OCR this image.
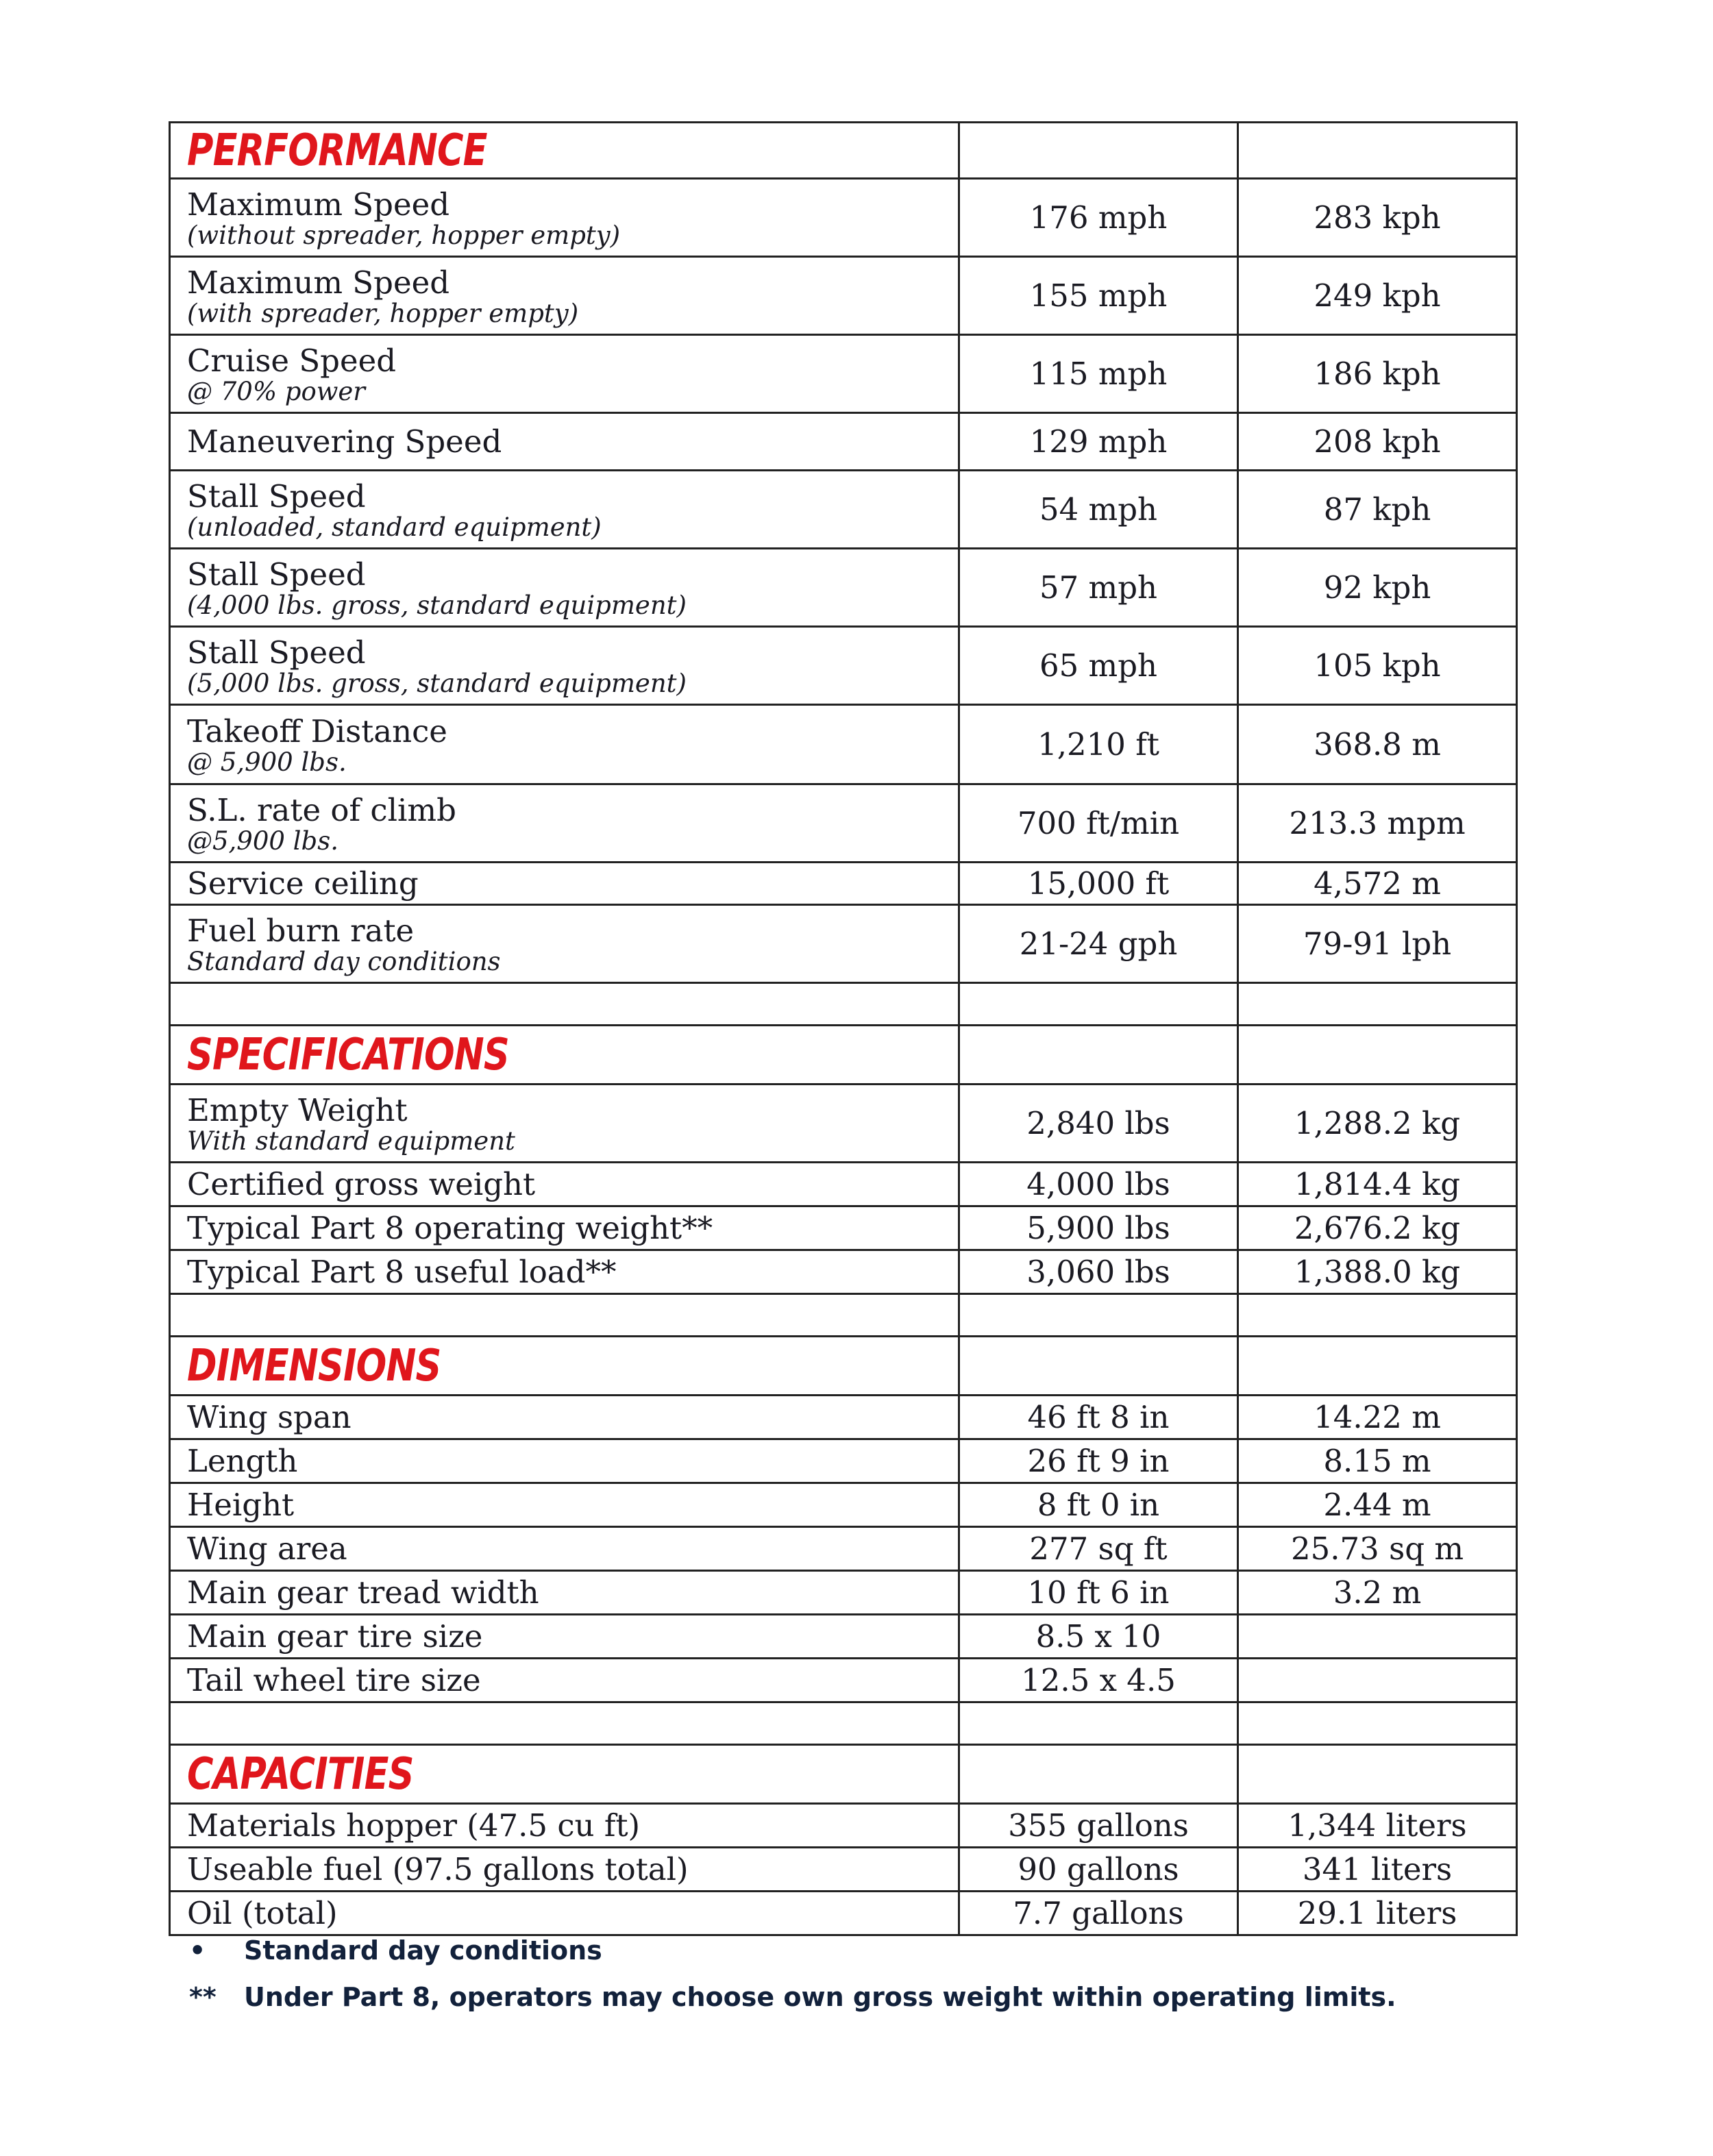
PERFORMANCE		

Maximum Speed
(without spreader, hopper empty)	176 mph	283 kph

Maximum Speed
(with spreader, hopper empty)	155 mph	249 kph

Cruise Speed
@ 70% power	115 mph	186 kph

Maneuvering Speed	129 mph	208 kph

Stall Speed
(unloaded, standard equipment)	54 mph	87 kph

Stall Speed
(4,000 lbs. gross, standard equipment)	57 mph	92 kph

Stall Speed
(5,000 lbs. gross, standard equipment)	65 mph	105 kph

Takeoff Distance
@ 5,900 lbs.	1,210 ft	368.8 m

S.L. rate of climb
@5,900 lbs.	700 ft/min	213.3 mpm

Service ceiling	15,000 ft	4,572 m

Fuel burn rate
Standard day conditions	21-24 gph	79-91 lph

SPECIFICATIONS		

Empty Weight
With standard equipment	2,840 lbs	1,288.2 kg

Certified gross weight	4,000 lbs	1,814.4 kg

Typical Part 8 operating weight**	5,900 lbs	2,676.2 kg

Typical Part 8 useful load**	3,060 lbs	1,388.0 kg

DIMENSIONS		

Wing span	46 ft 8 in	14.22 m

Length	26 ft 9 in	8.15 m

Height	8 ft 0 in	2.44 m

Wing area	277 sq ft	25.73 sq m

Main gear tread width	10 ft 6 in	3.2 m

Main gear tire size	8.5 x 10	

Tail wheel tire size	12.5 x 4.5	

CAPACITIES		

Materials hopper (47.5 cu ft)	355 gallons	1,344 liters

Useable fuel (97.5 gallons total)	90 gallons	341 liters

Oil (total)	7.7 gallons	29.1 liters
• Standard day conditions
** Under Part 8, operators may choose own gross weight within operating limits.
